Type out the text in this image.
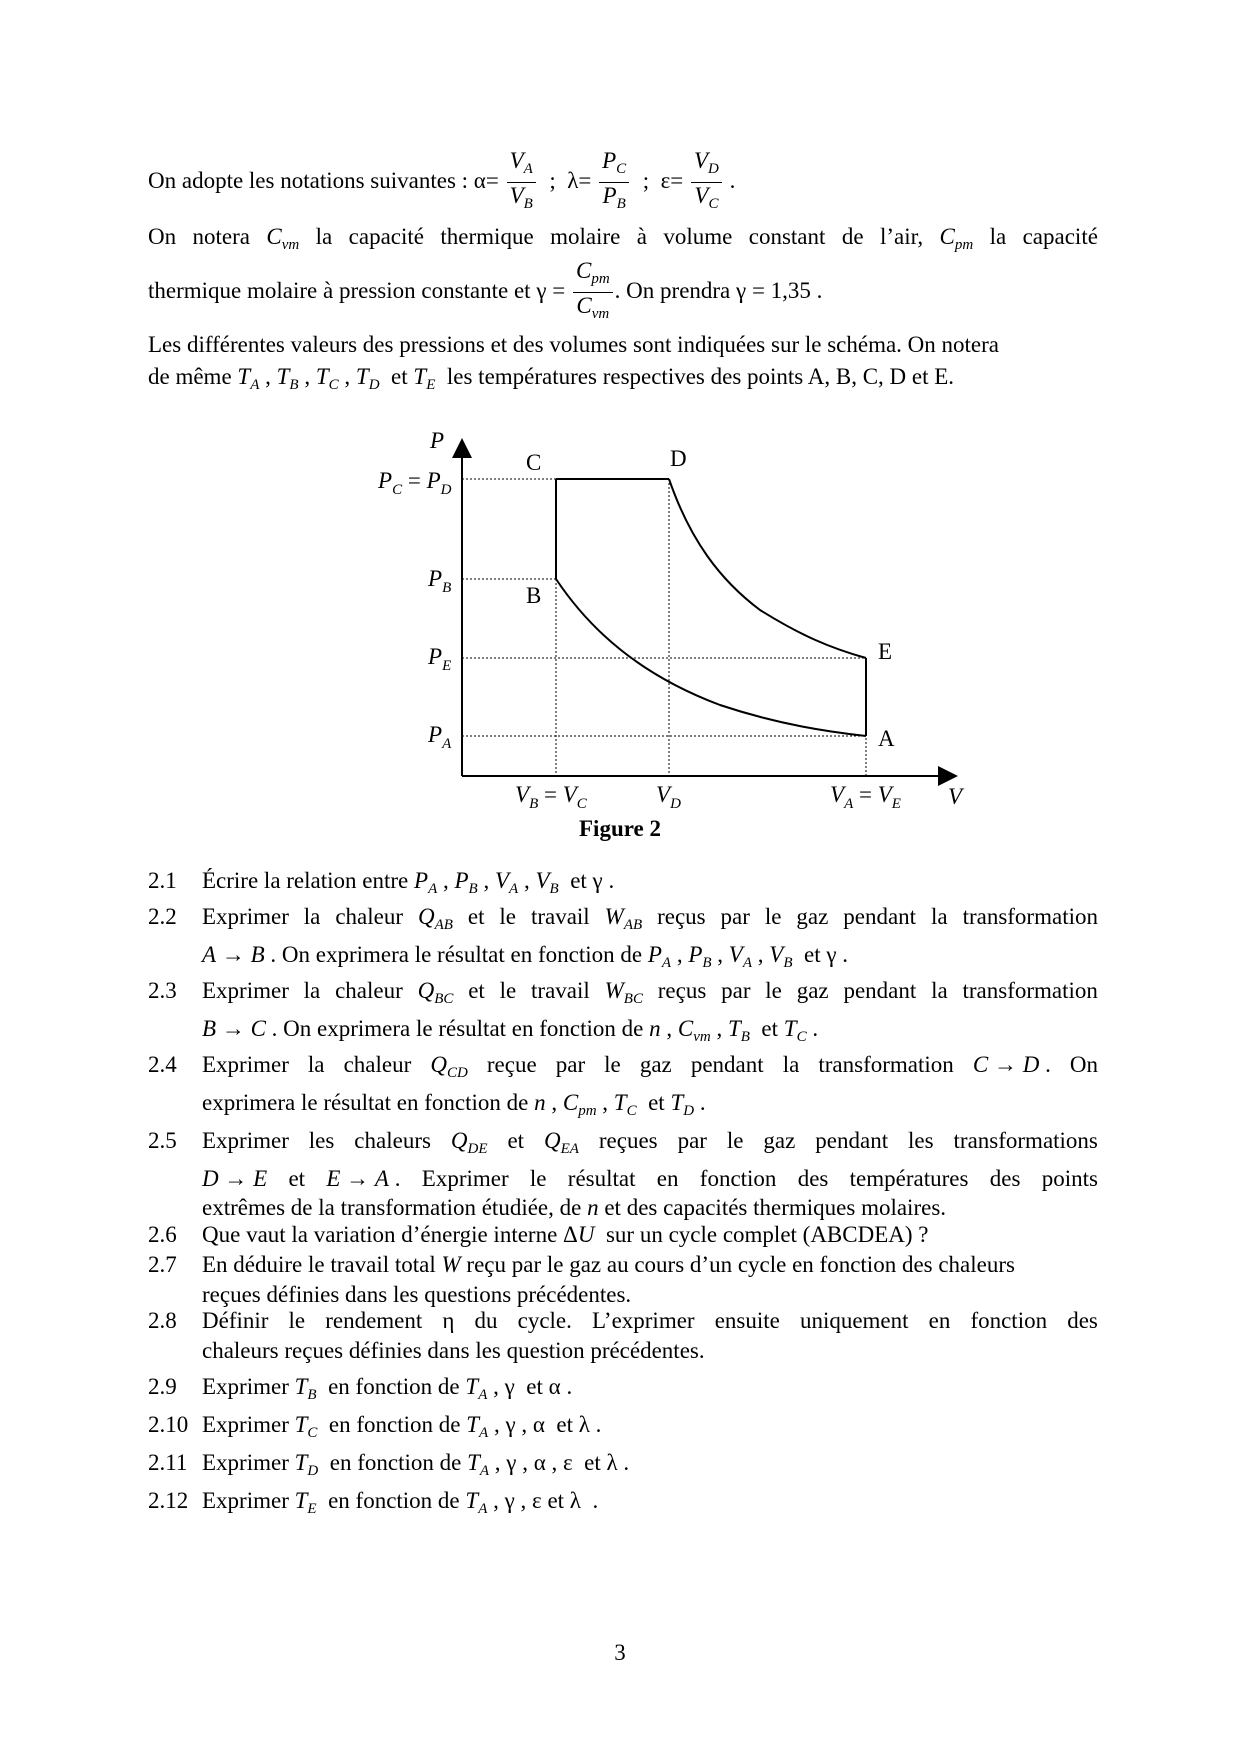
On adopte les notations suivantes : $\alpha= \frac{V_A}{V_B}$ ; $\lambda= \frac{P_C}{P_B}$ ; $\varepsilon= \frac{V_D}{V_C}$ .
On notera $C_{vm}$ la capacité thermique molaire à volume constant de l’air, $C_{pm}$ la capacité
thermique molaire à pression constante et $\gamma = \frac{C_{pm}}{C_{vm}}$ . On prendra γ = 1,35 .
Les différentes valeurs des pressions et des volumes sont indiquées sur le schéma. On notera
de même $T_A$ , $T_B$ , $T_C$ , $T_D$  et $T_E$ les températures respectives des points A, B, C, D et E.
P
V
C	D
B
E
A
$P_C = P_D$
$P_B$
$P_E$
$P_A$
$V_B = V_C$	$V_D$	$V_A = V_E$
Figure 2
2.1 Écrire la relation entre $P_A$ , $P_B$ , $V_A$ , $V_B$  et γ .
2.2 Exprimer la chaleur $Q_{AB}$ et le travail $W_{AB}$ reçus par le gaz pendant la transformation
A → B . On exprimera le résultat en fonction de $P_A$ , $P_B$ , $V_A$ , $V_B$  et γ .
2.3 Exprimer la chaleur $Q_{BC}$ et le travail $W_{BC}$ reçus par le gaz pendant la transformation
B → C . On exprimera le résultat en fonction de n , $C_{vm}$ , $T_B$  et $T_C$ .
2.4 Exprimer la chaleur $Q_{CD}$ reçue par le gaz pendant la transformation C → D . On
exprimera le résultat en fonction de n , $C_{pm}$ , $T_C$  et $T_D$ .
2.5 Exprimer les chaleurs $Q_{DE}$ et $Q_{EA}$ reçues par le gaz pendant les transformations
D → E et E → A . Exprimer le résultat en fonction des températures des points
extrêmes de la transformation étudiée, de n et des capacités thermiques molaires.
2.6 Que vaut la variation d’énergie interne ΔU  sur un cycle complet (ABCDEA) ?
2.7 En déduire le travail total W reçu par le gaz au cours d’un cycle en fonction des chaleurs
reçues définies dans les questions précédentes.
2.8 Définir le rendement η du cycle. L’exprimer ensuite uniquement en fonction des
chaleurs reçues définies dans les question précédentes.
2.9 Exprimer $T_B$  en fonction de $T_A$ , γ  et α .
2.10 Exprimer $T_C$  en fonction de $T_A$ , γ , α  et λ .
2.11 Exprimer $T_D$  en fonction de $T_A$ , γ , α , ε  et λ .
2.12 Exprimer $T_E$  en fonction de $T_A$ , γ , ε et λ  .
3
